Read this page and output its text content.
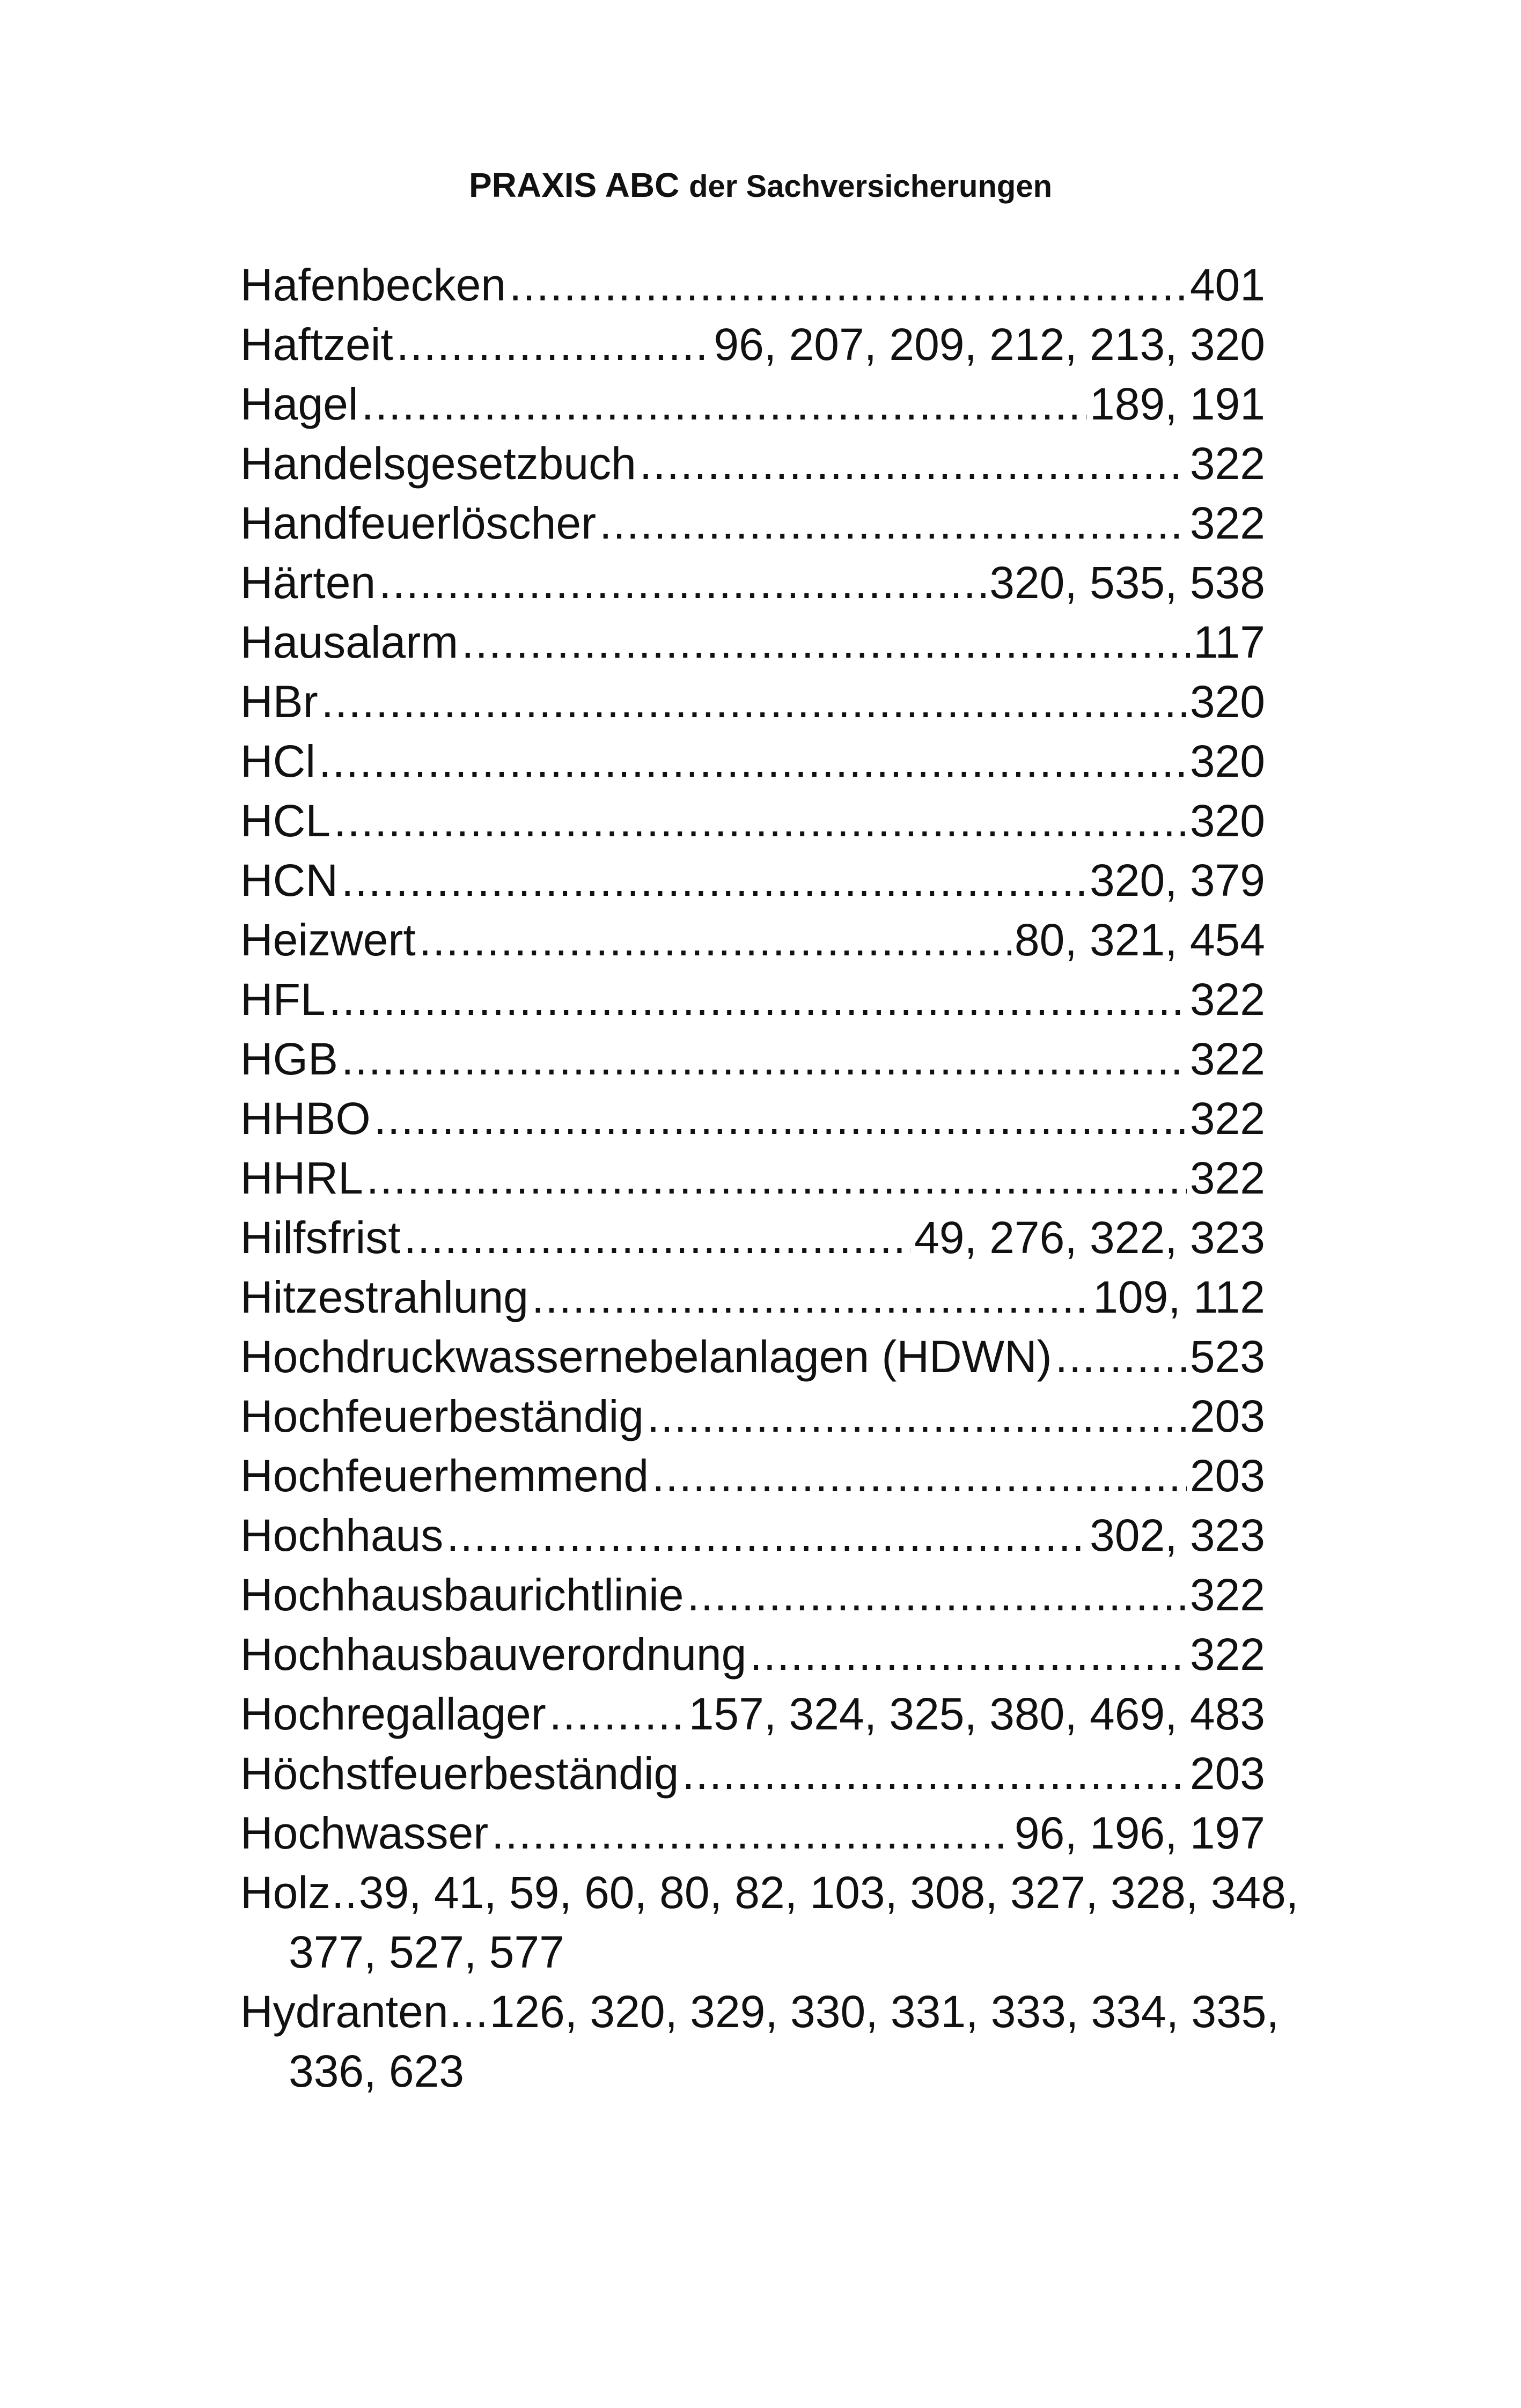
PRAXIS ABC der Sachversicherungen
Hafenbecken .....	401
Haftzeit .....	96, 207, 209, 212, 213, 320
Hagel .....	189, 191
Handelsgesetzbuch .....	322
Handfeuerlöscher .....	322
Härten .....	320, 535, 538
Hausalarm .....	117
HBr .....	320
HCl .....	320
HCL .....	320
HCN .....	320, 379
Heizwert .....	80, 321, 454
HFL .....	322
HGB .....	322
HHBO .....	322
HHRL .....	322
Hilfsfrist .....	49, 276, 322, 323
Hitzestrahlung .....	109, 112
Hochdruckwassernebelanlagen (HDWN) .....	523
Hochfeuerbeständig .....	203
Hochfeuerhemmend .....	203
Hochhaus .....	302, 323
Hochhausbaurichtlinie .....	322
Hochhausbauverordnung .....	322
Hochregallager .....	157, 324, 325, 380, 469, 483
Höchstfeuerbeständig .....	203
Hochwasser .....	96, 196, 197
Holz .. 39, 41, 59, 60, 80, 82, 103, 308, 327, 328, 348,
377, 527, 577
Hydranten ... 126, 320, 329, 330, 331, 333, 334, 335,
336, 623
